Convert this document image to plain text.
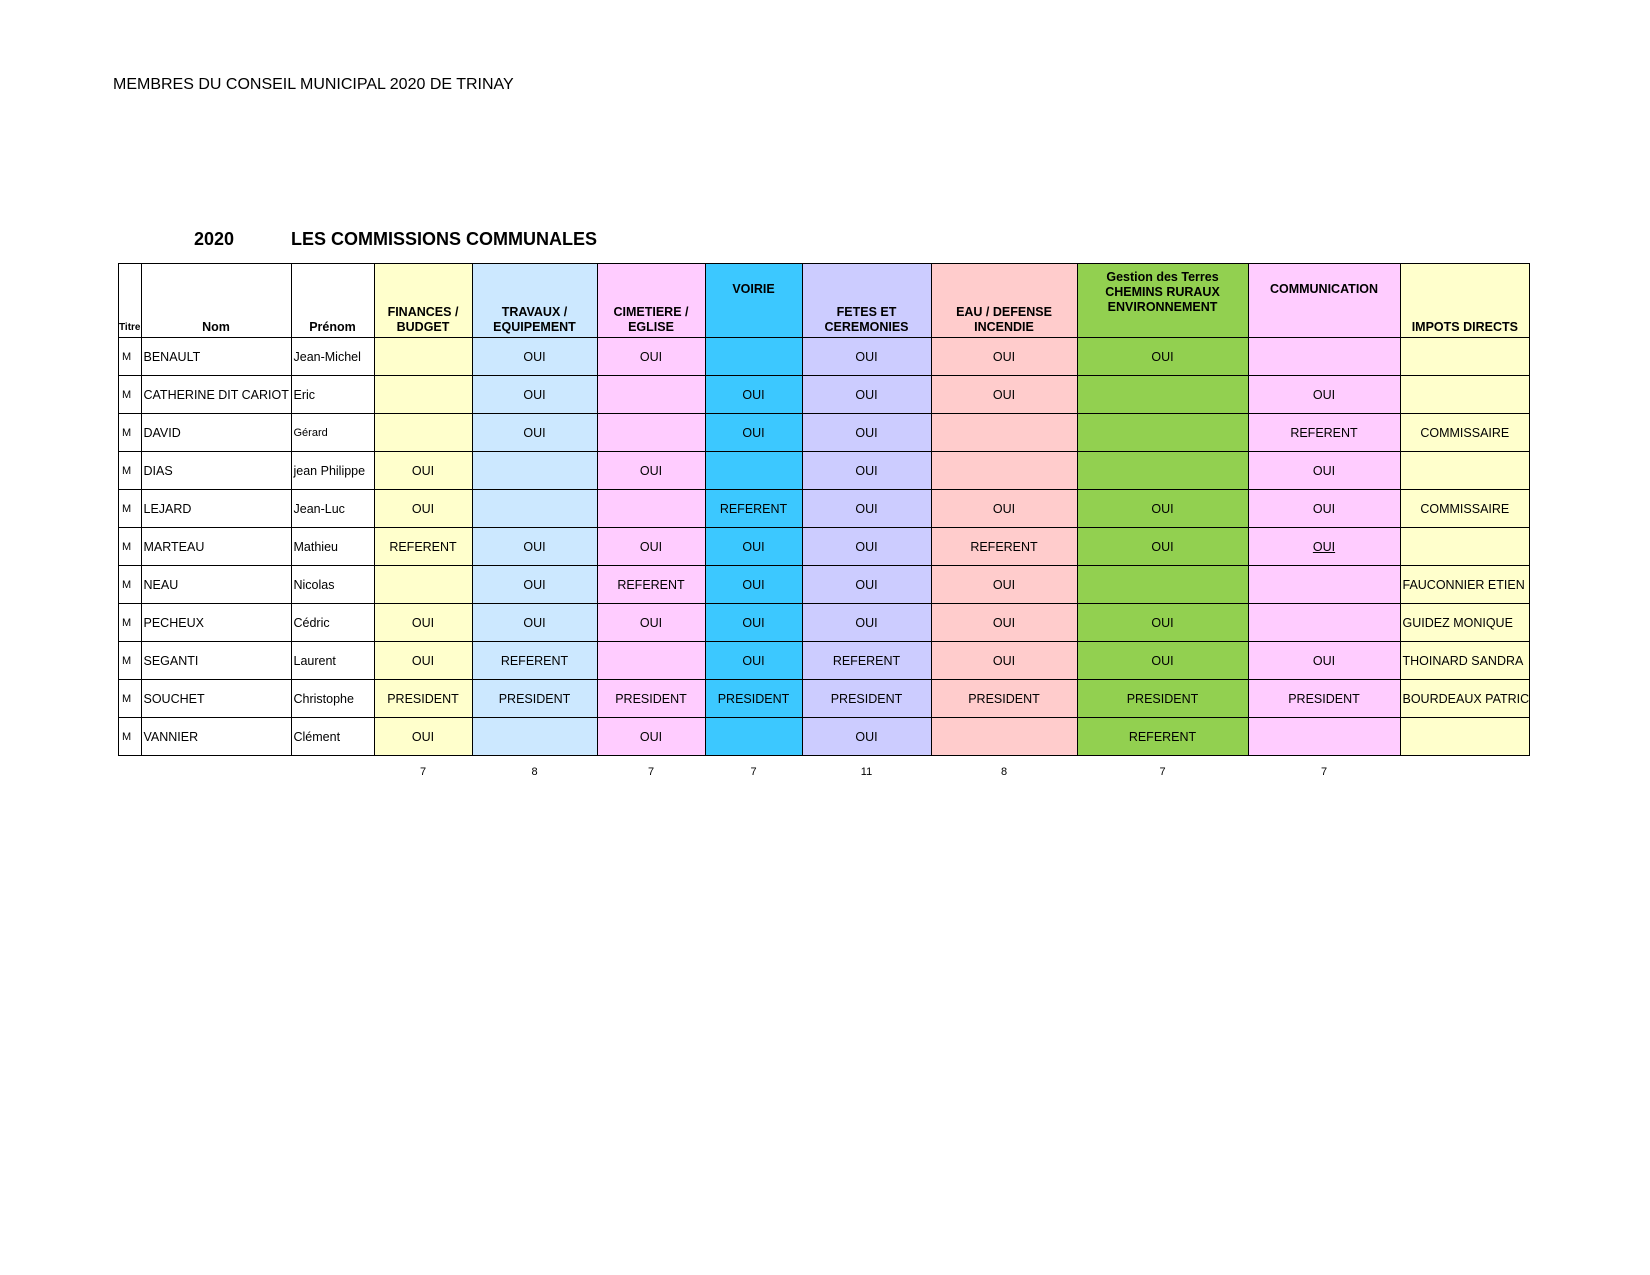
MEMBRES DU CONSEIL MUNICIPAL 2020 DE TRINAY
2020	LES COMMISSIONS COMMUNALES
Titre	Nom	Prénom	FINANCES / BUDGET	TRAVAUX / EQUIPEMENT	CIMETIERE / EGLISE	VOIRIE	FETES ET CEREMONIES	EAU / DEFENSE INCENDIE	Gestion des Terres CHEMINS RURAUX ENVIRONNEMENT	COMMUNICATION	IMPOTS DIRECTS
M	BENAULT	Jean-Michel		OUI	OUI		OUI	OUI	OUI		
M	CATHERINE DIT CARIOT	Eric		OUI		OUI	OUI	OUI		OUI	
M	DAVID	Gérard		OUI		OUI	OUI			REFERENT	COMMISSAIRE
M	DIAS	jean Philippe	OUI		OUI		OUI			OUI	
M	LEJARD	Jean-Luc	OUI			REFERENT	OUI	OUI	OUI	OUI	COMMISSAIRE
M	MARTEAU	Mathieu	REFERENT	OUI	OUI	OUI	OUI	REFERENT	OUI	OUI	
M	NEAU	Nicolas		OUI	REFERENT	OUI	OUI	OUI			FAUCONNIER ETIEN
M	PECHEUX	Cédric	OUI	OUI	OUI	OUI	OUI	OUI	OUI		GUIDEZ MONIQUE
M	SEGANTI	Laurent	OUI	REFERENT		OUI	REFERENT	OUI	OUI	OUI	THOINARD SANDRA
M	SOUCHET	Christophe	PRESIDENT	PRESIDENT	PRESIDENT	PRESIDENT	PRESIDENT	PRESIDENT	PRESIDENT	PRESIDENT	BOURDEAUX PATRIC
M	VANNIER	Clément	OUI		OUI		OUI		REFERENT		
			7	8	7	7	11	8	7	7	
